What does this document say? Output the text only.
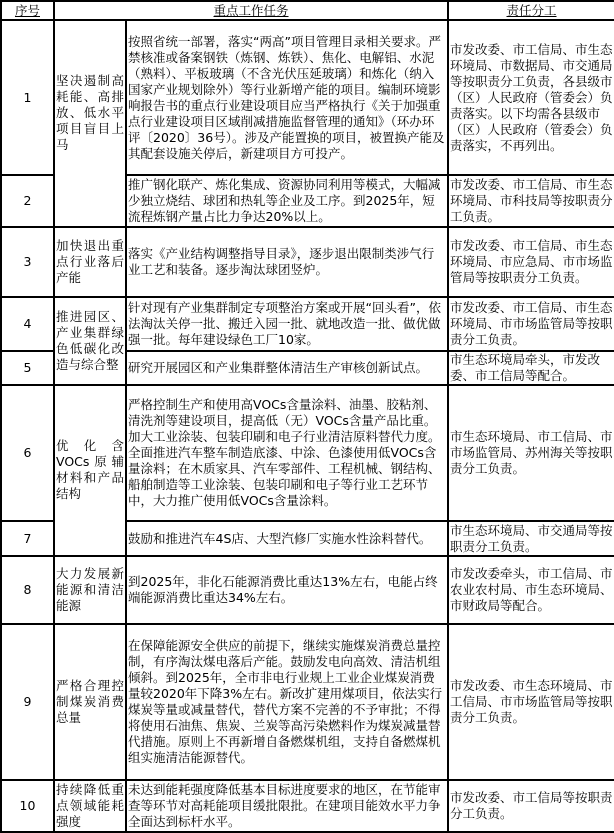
序号	重点工作任务		责任分工
1	坚决遏制高耗能、高排放、低水平项目盲目上马	按照省统一部署，落实“两高”项目管理目录相关要求。严禁核准或备案钢铁（炼钢、炼铁）、焦化、电解铝、水泥（熟料）、平板玻璃（不含光伏压延玻璃）和炼化（纳入国家产业规划除外）等行业新增产能的项目。编制环境影响报告书的重点行业建设项目应当严格执行《关于加强重点行业建设项目区域削减措施监督管理的通知》（环办环评〔2020〕36号）。涉及产能置换的项目，被置换产能及其配套设施关停后，新建项目方可投产。	市发改委、市工信局、市生态环境局、市数据局、市交通局等按职责分工负责，各县级市（区）人民政府（管委会）负责落实。以下均需各县级市（区）人民政府（管委会）负责落实，不再列出。
2		推广钢化联产、炼化集成、资源协同利用等模式，大幅减少独立烧结、球团和热轧等企业及工序。到2025年，短流程炼钢产量占比力争达20%以上。	市发改委、市工信局、市生态环境局、市科技局等按职责分工负责。
3	加快退出重点行业落后产能	落实《产业结构调整指导目录》，逐步退出限制类涉气行业工艺和装备。逐步淘汰球团竖炉。	市发改委、市工信局、市生态环境局、市应急局、市市场监管局等按职责分工负责。
4	推进园区、产业集群绿色低碳化改造与综合整	针对现有产业集群制定专项整治方案或开展“回头看”，依法淘汰关停一批、搬迁入园一批、就地改造一批、做优做强一批。每年建设绿色工厂10家。	市发改委、市工信局、市生态环境局、市市场监管局等按职责分工负责。
5		研究开展园区和产业集群整体清洁生产审核创新试点。	市生态环境局牵头，市发改委、市工信局等配合。
6	优化含VOCs原辅材料和产品结构	严格控制生产和使用高VOCs含量涂料、油墨、胶粘剂、清洗剂等建设项目，提高低（无）VOCs含量产品比重。加大工业涂装、包装印刷和电子行业清洁原料替代力度。全面推进汽车整车制造底漆、中涂、色漆使用低VOCs含量涂料；在木质家具、汽车零部件、工程机械、钢结构、船舶制造等工业涂装、包装印刷和电子等行业工艺环节中，大力推广使用低VOCs含量涂料。	市生态环境局、市工信局、市市场监管局、苏州海关等按职责分工负责。
7		鼓励和推进汽车4S店、大型汽修厂实施水性涂料替代。	市生态环境局、市交通局等按职责分工负责。
8	大力发展新能源和清洁能源	到2025年，非化石能源消费比重达13%左右，电能占终端能源消费比重达34%左右。	市发改委牵头，市工信局、市农业农村局、市生态环境局、市财政局等配合。
9	严格合理控制煤炭消费总量	在保障能源安全供应的前提下，继续实施煤炭消费总量控制，有序淘汰煤电落后产能。鼓励发电向高效、清洁机组倾斜。到2025年，全市非电行业规上工业企业煤炭消费量较2020年下降3%左右。新改扩建用煤项目，依法实行煤炭等量或减量替代，替代方案不完善的不予审批；不得将使用石油焦、焦炭、兰炭等高污染燃料作为煤炭减量替代措施。原则上不再新增自备燃煤机组，支持自备燃煤机组实施清洁能源替代。	市发改委、市生态环境局、市工信局、市市场监管局等按职责分工负责。
10	持续降低重点领域能耗强度	未达到能耗强度降低基本目标进度要求的地区，在节能审查等环节对高耗能项目缓批限批。在建项目能效水平力争全面达到标杆水平。	市发改委、市工信局等按职责分工负责。
